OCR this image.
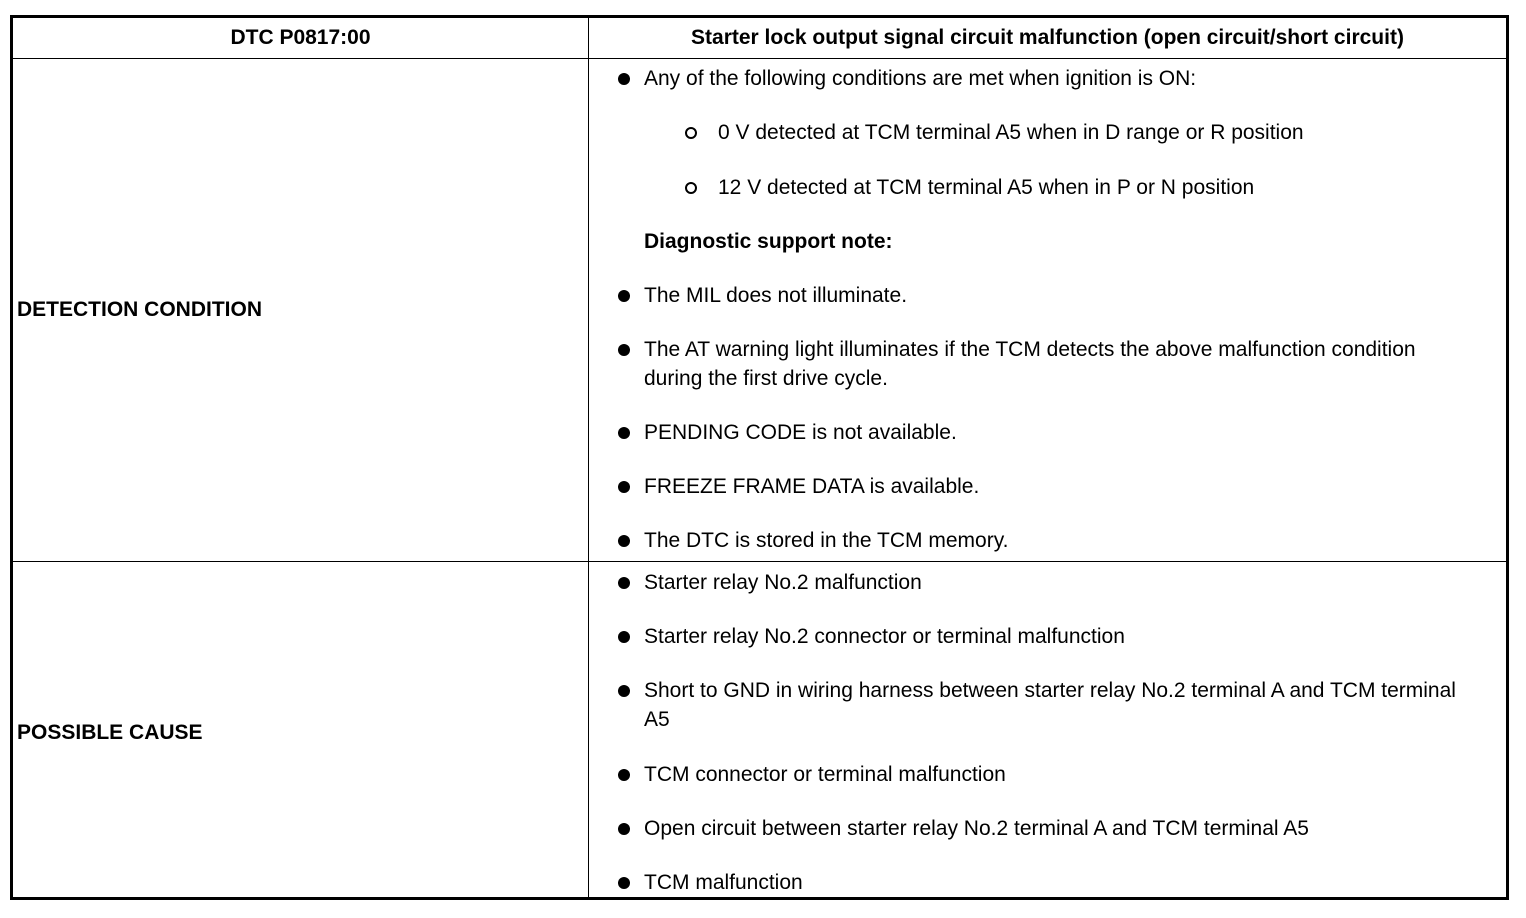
DTC P0817:00	Starter lock output signal circuit malfunction (open circuit/short circuit)
DETECTION CONDITION
POSSIBLE CAUSE
Any of the following conditions are met when ignition is ON:
0 V detected at TCM terminal A5 when in D range or R position
12 V detected at TCM terminal A5 when in P or N position
Diagnostic support note:
The MIL does not illuminate.
The AT warning light illuminates if the TCM detects the above malfunction condition during the first drive cycle.
PENDING CODE is not available.
FREEZE FRAME DATA is available.
The DTC is stored in the TCM memory.
Starter relay No.2 malfunction
Starter relay No.2 connector or terminal malfunction
Short to GND in wiring harness between starter relay No.2 terminal A and TCM terminal A5
TCM connector or terminal malfunction
Open circuit between starter relay No.2 terminal A and TCM terminal A5
TCM malfunction
